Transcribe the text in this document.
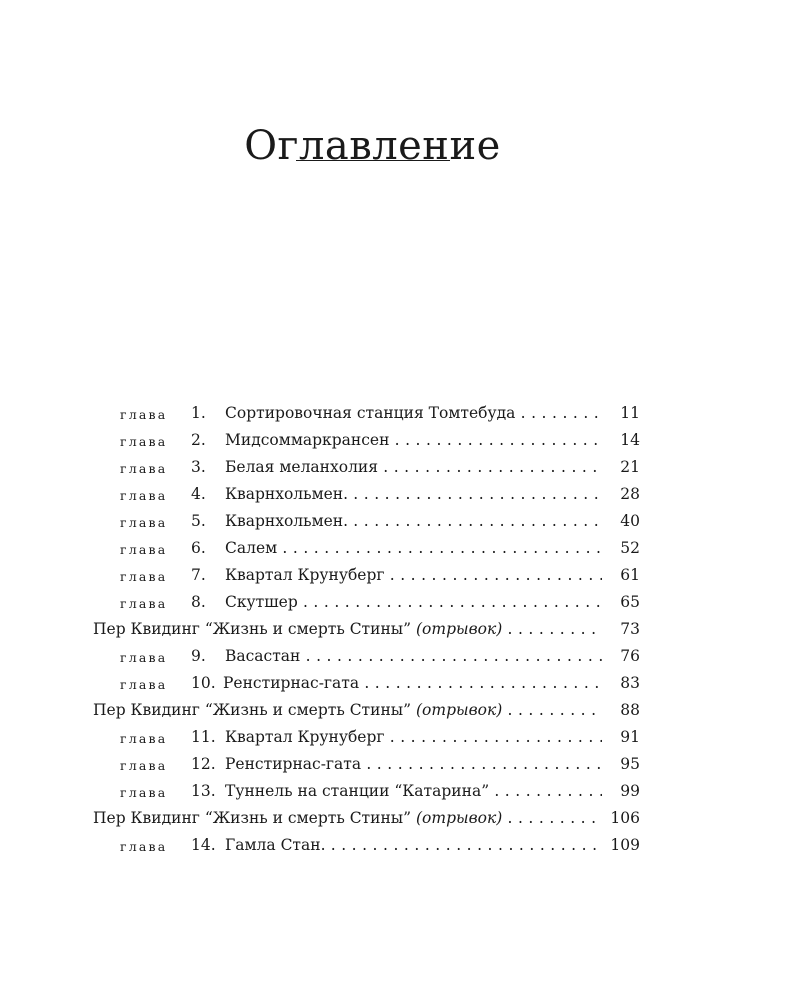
Оглавление
глава 1. Сортировочная станция Томтебуда . . .	11
глава 2. Мидсоммаркрансен . . .	14
глава 3. Белая меланхолия . . .	21
глава 4. Кварнхольмен. . . .	28
глава 5. Кварнхольмен. . . .	40
глава 6. Салем . . .	52
глава 7. Квартал Крунуберг . . .	61
глава 8. Скутшер . . .	65
Пер Квидинг “Жизнь и смерть Стины” (отрывок) . . .	73
глава 9. Васастан . . .	76
глава 10. Ренстирнас-гата . . .	83
Пер Квидинг “Жизнь и смерть Стины” (отрывок) . . .	88
глава 11. Квартал Крунуберг . . .	91
глава 12. Ренстирнас-гата . . .	95
глава 13. Туннель на станции “Катарина” . . .	99
Пер Квидинг “Жизнь и смерть Стины” (отрывок) . . .	106
глава 14. Гамла Стан. . . .	109
